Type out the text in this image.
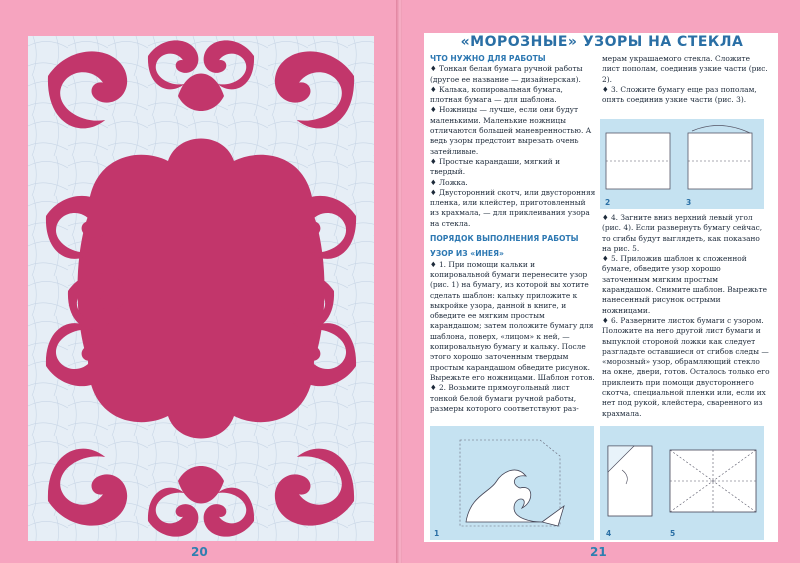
20
«МОРОЗНЫЕ» УЗОРЫ НА СТЕКЛА

ЧТО НУЖНО ДЛЯ РАБОТЫ

♦ Тонкая белая бумага ручной работы (другое ее название — дизайнерская).

♦ Калька, копировальная бумага, плотная бумага — для шаблона.

♦ Ножницы — лучше, если они будут маленькими. Маленькие ножницы отличаются большей маневренностью. А ведь узоры предстоит вырезать очень затейливые.

♦ Простые карандаши, мягкий и твердый.

♦ Ложка.

♦ Двусторонний скотч, или двусторонняя пленка, или клейстер, приготовленный из крахмала, — для приклеивания узора на стекла.

ПОРЯДОК ВЫПОЛНЕНИЯ РАБОТЫ

УЗОР ИЗ «ИНЕЯ»

♦ 1. При помощи кальки и копировальной бумаги перенесите узор (рис. 1) на бумагу, из которой вы хотите сделать шаблон: кальку приложите к выкройке узора, данной в книге, и обведите ее мягким простым карандашом; затем положите бумагу для шаблона, поверх, «лицом» к ней, — копировальную бумагу и кальку. После этого хорошо заточенным твердым простым карандашом обведите рисунок. Вырежьте его ножницами. Шаблон готов.

♦ 2. Возьмите прямоугольный лист тонкой белой бумаги ручной работы, размеры которого соответствуют раз-

мерам украшаемого стекла. Сложите лист пополам, соединив узкие части (рис. 2).

♦ 3. Сложите бумагу еще раз пополам, опять соединив узкие части (рис. 3).

2	3

♦ 4. Загните вниз верхний левый угол (рис. 4). Если развернуть бумагу сейчас, то сгибы будут выглядеть, как показано на рис. 5.

♦ 5. Приложив шаблон к сложенной бумаге, обведите узор хорошо заточенным мягким простым карандашом. Снимите шаблон. Вырежьте нанесенный рисунок острыми ножницами.

♦ 6. Разверните листок бумаги с узором. Положите на него другой лист бумаги и выпуклой стороной ложки как следует разгладьте оставшиеся от сгибов следы — «морозный» узор, обрамляющий стекло на окне, двери, готов. Осталось только его приклеить при помощи двустороннего скотча, специальной пленки или, если их нет под рукой, клейстера, сваренного из крахмала.

1	4	5
21
